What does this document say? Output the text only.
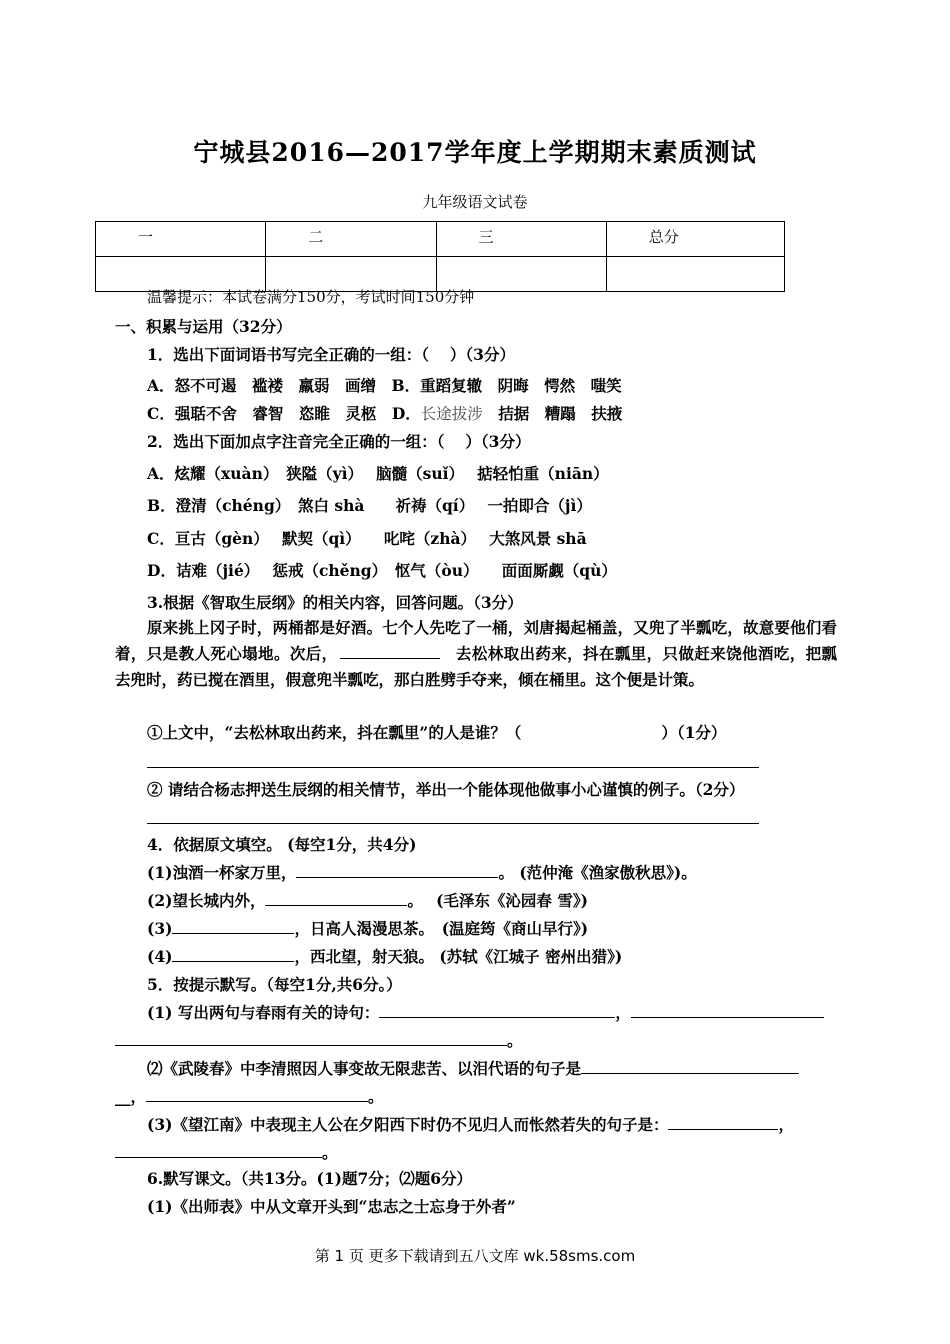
宁城县2016—2017学年度上学期期末素质测试
九年级语文试卷
一	二	三	总分

温馨提示：本试卷满分150分，考试时间150分钟
一、积累与运用（32分）
1．选出下面词语书写完全正确的一组：（　 ）（3分）
A．怒不可遏　褴褛　羸弱　画缯　B．重蹈复辙　阴晦　愕然　嗤笑
C．强聒不舍　睿智　恣睢　灵柩　D．长途拔涉　拮据　糟蹋　扶掖
2．选出下面加点字注音完全正确的一组：（　 ）（3分）
A．炫耀（xuàn）　狭隘（yì）　 脑髓（suǐ）　 掂轻怕重（niān）
B．澄清（chéng）　煞白 shà　　祈祷（qí）　 一拍即合（jì）
C．亘古（gèn）　 默契（qì）　　叱咤（zhà）　 大煞风景 shā
D．诘难（jié）　 惩戒（chěng）　怄气（òu）　　面面厮觑（qù）
3.根据《智取生辰纲》的相关内容，回答问题。（3分）
原来挑上冈子时，两桶都是好酒。七个人先吃了一桶，刘唐揭起桶盖，又兜了半瓢吃，故意要他们看着，只是教人死心塌地。次后，	去松林取出药来，抖在瓢里，只做赶来饶他酒吃，把瓢去兜时，药已搅在酒里，假意兜半瓢吃，那白胜劈手夺来，倾在桶里。这个便是计策。
①上文中，“去松林取出药来，抖在瓢里”的人是谁？（	）（1分）
② 请结合杨志押送生辰纲的相关情节，举出一个能体现他做事小心谨慎的例子。（2分）
4．依据原文填空。 (每空1分，共4分)
(1)浊酒一杯家万里，	。 (范仲淹《渔家傲秋思》)。
(2)望长城内外，	。　 (毛泽东《沁园春 雪》)
(3)	，日高人渴漫思茶。　(温庭筠《商山早行》)
(4)	，西北望，射天狼。 (苏轼《江城子 密州出猎》)
5．按提示默写。（每空1分,共6分。）
(1) 写出两句与春雨有关的诗句：	，
。
⑵《武陵春》中李清照因人事变故无限悲苦、以泪代语的句子是
__，	。
(3)《望江南》中表现主人公在夕阳西下时仍不见归人而怅然若失的句子是：	，
。
6.默写课文。（共13分。(1)题7分；⑵题6分）
(1)《出师表》中从文章开头到“忠志之士忘身于外者”
第 1 页 更多下载请到五八文库 wk.58sms.com
